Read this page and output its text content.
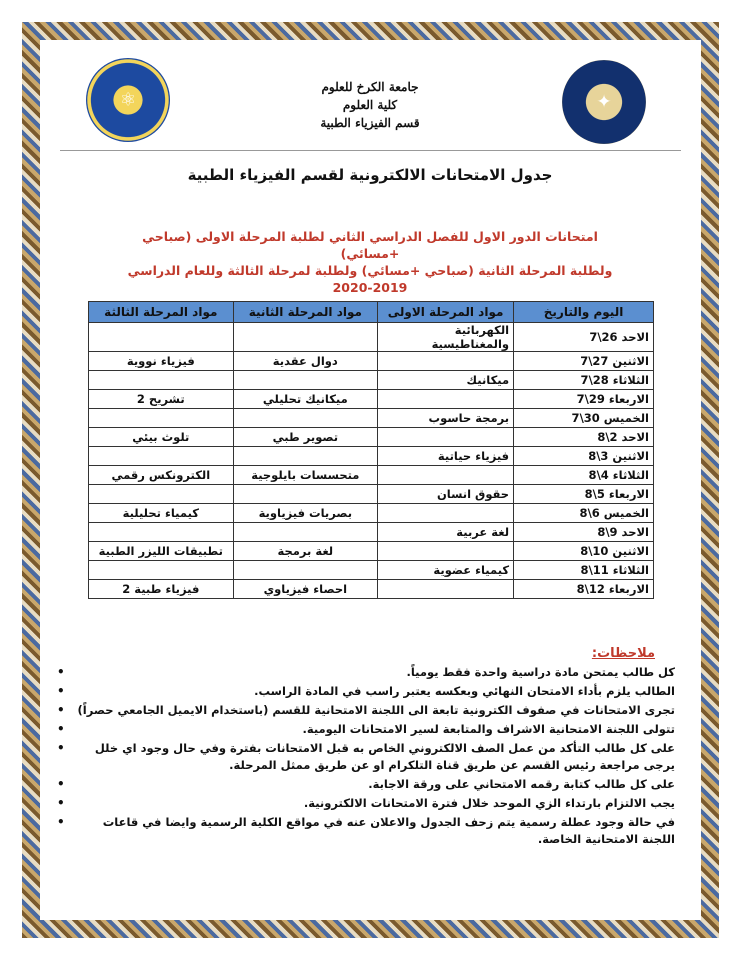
⚛	✦
جامعة الكرخ للعلوم
كلية العلوم
قسم الفيزياء الطبية
جدول الامتحانات الالكترونية لقسم الفيزياء الطبية
امتحانات الدور الاول للفصل الدراسي الثاني لطلبة المرحلة الاولى (صباحي +مسائي)
ولطلبة المرحلة الثانية (صباحي +مسائي) ولطلبة لمرحلة الثالثة وللعام الدراسي
2020-2019
اليوم والتاريخ	مواد المرحلة الاولى	مواد المرحلة الثانية	مواد المرحلة الثالثة
الاحد 26\7	الكهربائية والمغناطيسية		
الاثنين 27\7		دوال عقدية	فيزياء نووية
الثلاثاء 28\7	ميكانيك		
الاربعاء 29\7		ميكانيك تحليلي	تشريح 2
الخميس 30\7	برمجة حاسوب		
الاحد 2\8		تصوير طبي	تلوث بيئي
الاثنين 3\8	فيزياء حياتية		
الثلاثاء 4\8		متحسسات بايلوجية	الكترونكس رقمي
الاربعاء 5\8	حقوق انسان		
الخميس 6\8		بصريات فيزياوية	كيمياء تحليلية
الاحد 9\8	لغة عربية		
الاثنين 10\8		لغة برمجة	تطبيقات الليزر الطبية
الثلاثاء 11\8	كيمياء عضوية		
الاربعاء 12\8		احصاء فيزياوي	فيزياء طبية 2
ملاحظات:
• كل طالب يمتحن مادة دراسية واحدة فقط يومياً.
• الطالب يلزم بأداء الامتحان النهائي وبعكسه يعتبر راسب في المادة الراسب.
• تجرى الامتحانات في صفوف الكترونية تابعة الى اللجنة الامتحانية للقسم (باستخدام الايميل الجامعي حصراً)
• تتولى اللجنة الامتحانية الاشراف والمتابعة لسير الامتحانات اليومية.
• على كل طالب التأكد من عمل الصف الالكتروني الخاص به قبل الامتحانات بفترة وفي حال وجود اي خلل يرجى مراجعة رئيس القسم عن طريق قناة التلكرام او عن طريق ممثل المرحلة.
• على كل طالب كتابة رقمه الامتحاني على ورقة الاجابة.
• يجب الالتزام بارتداء الزي الموحد خلال فترة الامتحانات الالكترونية.
• في حالة وجود عطلة رسمية يتم زحف الجدول والاعلان عنه في مواقع الكلية الرسمية وايضا في قاعات اللجنة الامتحانية الخاصة.
